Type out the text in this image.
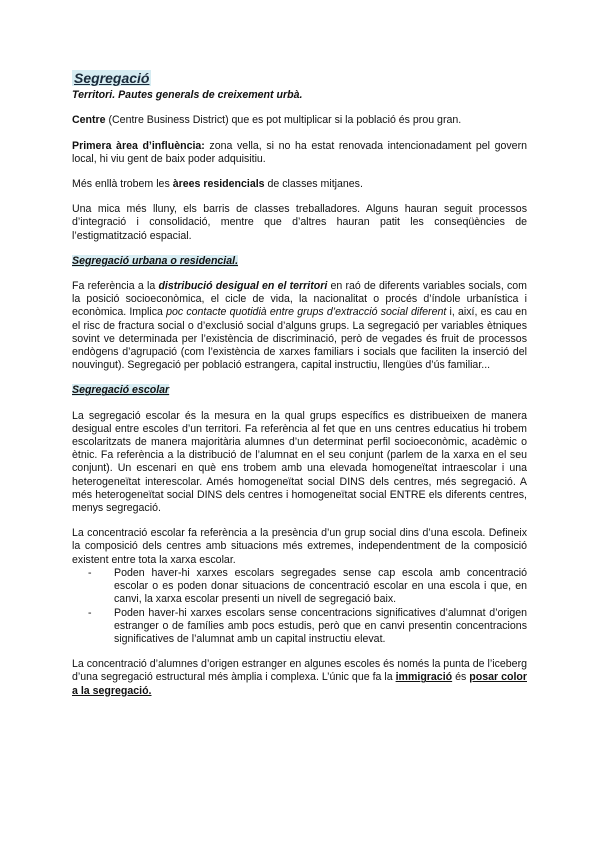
Segregació
Territori. Pautes generals de creixement urbà.

Centre (Centre Business District) que es pot multiplicar si la població és prou gran.

Primera àrea d’influència: zona vella, si no ha estat renovada intencionadament pel govern local, hi viu gent de baix poder adquisitiu.

Més enllà trobem les àrees residencials de classes mitjanes.

Una mica més lluny, els barris de classes treballadores. Alguns hauran seguit processos d’integració i consolidació, mentre que d’altres hauran patit les conseqüències de l’estigmatització espacial.

Segregació urbana o residencial.

Fa referència a la distribució desigual en el territori en raó de diferents variables socials, com la posició socioeconòmica, el cicle de vida, la nacionalitat o procés d’índole urbanística i econòmica. Implica poc contacte quotidià entre grups d’extracció social diferent i, així, es cau en el risc de fractura social o d’exclusió social d’alguns grups. La segregació per variables ètniques sovint ve determinada per l’existència de discriminació, però de vegades és fruit de processos endògens d’agrupació (com l’existència de xarxes familiars i socials que faciliten la inserció del nouvingut). Segregació per població estrangera, capital instructiu, llengües d’ús familiar...

Segregació escolar

La segregació escolar és la mesura en la qual grups específics es distribueixen de manera desigual entre escoles d’un territori. Fa referència al fet que en uns centres educatius hi trobem escolaritzats de manera majoritària alumnes d’un determinat perfil socioeconòmic, acadèmic o ètnic. Fa referència a la distribució de l’alumnat en el seu conjunt (parlem de la xarxa en el seu conjunt). Un escenari en què ens trobem amb una elevada homogeneïtat intraescolar i una heterogeneïtat interescolar. Amés homogeneïtat social DINS dels centres, més segregació. A més heterogeneïtat social DINS dels centres i homogeneïtat social ENTRE els diferents centres, menys segregació.

La concentració escolar fa referència a la presència d’un grup social dins d’una escola. Defineix la composició dels centres amb situacions més extremes, independentment de la composició existent entre tota la xarxa escolar.

- Poden haver-hi xarxes escolars segregades sense cap escola amb concentració escolar o es poden donar situacions de concentració escolar en una escola i que, en canvi, la xarxa escolar presenti un nivell de segregació baix.
- Poden haver-hi xarxes escolars sense concentracions significatives d’alumnat d’origen estranger o de famílies amb pocs estudis, però que en canvi presentin concentracions significatives de l’alumnat amb un capital instructiu elevat.

La concentració d’alumnes d’origen estranger en algunes escoles és només la punta de l’iceberg d’una segregació estructural més àmplia i complexa. L’únic que fa la immigració és posar color a la segregació.
